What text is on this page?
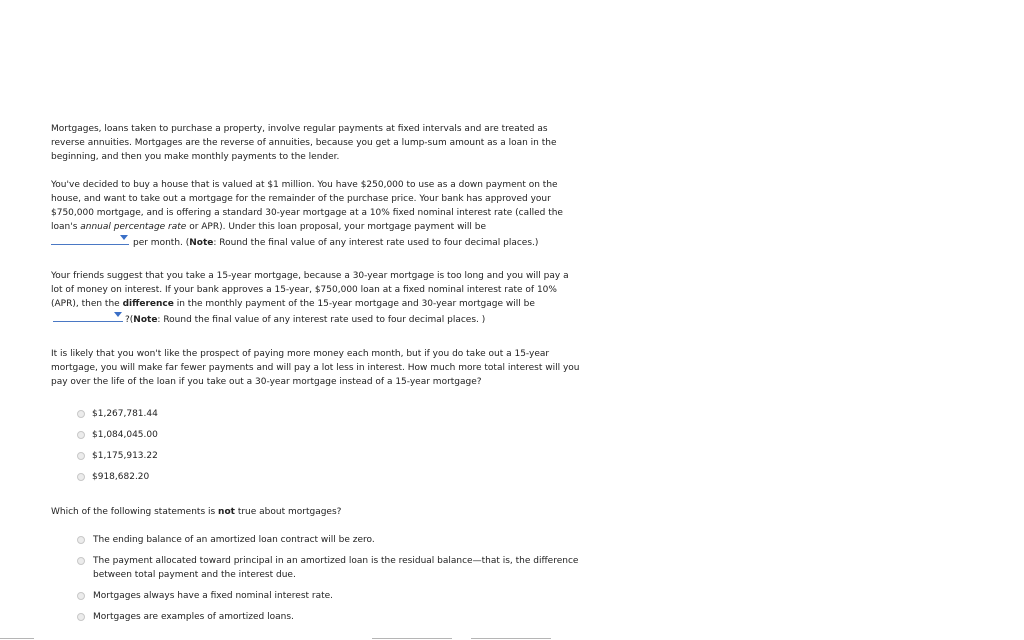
Mortgages, loans taken to purchase a property, involve regular payments at fixed intervals and are treated as reverse annuities. Mortgages are the reverse of annuities, because you get a lump-sum amount as a loan in the beginning, and then you make monthly payments to the lender.

You've decided to buy a house that is valued at $1 million. You have $250,000 to use as a down payment on the house, and want to take out a mortgage for the remainder of the purchase price. Your bank has approved your $750,000 mortgage, and is offering a standard 30-year mortgage at a 10% fixed nominal interest rate (called the loan's annual percentage rate or APR). Under this loan proposal, your mortgage payment will be

per month. (Note: Round the final value of any interest rate used to four decimal places.)

Your friends suggest that you take a 15-year mortgage, because a 30-year mortgage is too long and you will pay a lot of money on interest. If your bank approves a 15-year, $750,000 loan at a fixed nominal interest rate of 10% (APR), then the difference in the monthly payment of the 15-year mortgage and 30-year mortgage will be
?(Note: Round the final value of any interest rate used to four decimal places. )

It is likely that you won't like the prospect of paying more money each month, but if you do take out a 15-year mortgage, you will make far fewer payments and will pay a lot less in interest. How much more total interest will you pay over the life of the loan if you take out a 30-year mortgage instead of a 15-year mortgage?

$1,267,781.44
$1,084,045.00
$1,175,913.22
$918,682.20

Which of the following statements is not true about mortgages?

The ending balance of an amortized loan contract will be zero.
The payment allocated toward principal in an amortized loan is the residual balance—that is, the difference between total payment and the interest due.
Mortgages always have a fixed nominal interest rate.
Mortgages are examples of amortized loans.
